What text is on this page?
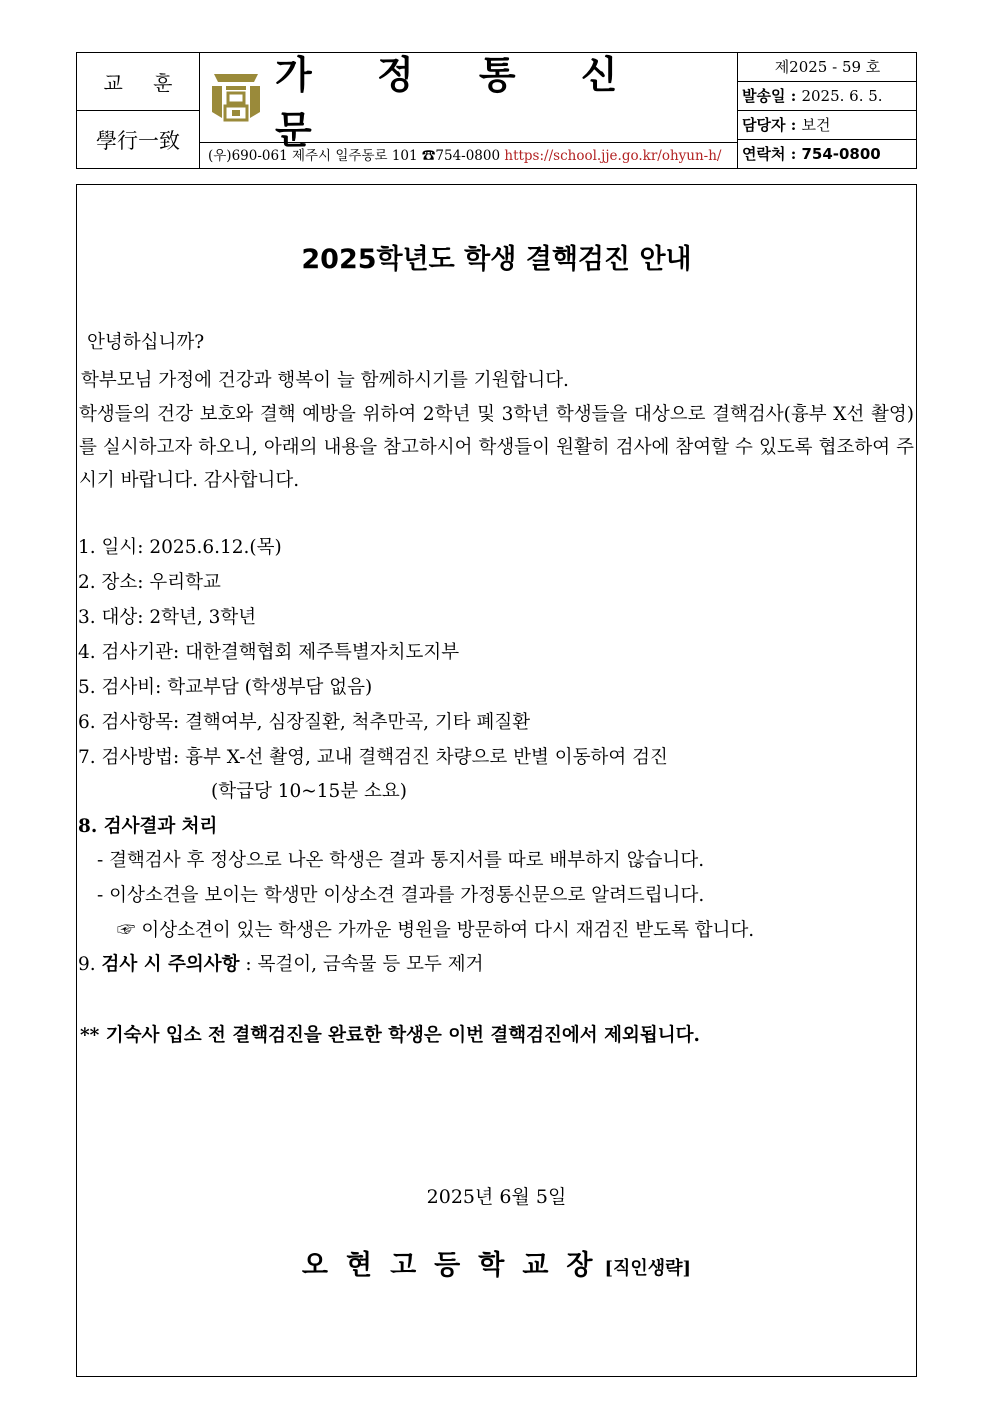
교 훈
學行一致
가 정 통 신 문
(우)690-061 제주시 일주동로 101 ☎754-0800 https://school.jje.go.kr/ohyun-h/
제2025 - 59 호
발송일 : 2025. 6. 5.
담당자 : 보건
연락처 : 754-0800
2025학년도 학생 결핵검진 안내
안녕하십니까?
학부모님 가정에 건강과 행복이 늘 함께하시기를 기원합니다.
학생들의 건강 보호와 결핵 예방을 위하여 2학년 및 3학년 학생들을 대상으로 결핵검사(흉부 X선 촬영)를 실시하고자 하오니, 아래의 내용을 참고하시어 학생들이 원활히 검사에 참여할 수 있도록 협조하여 주시기 바랍니다. 감사합니다.
1. 일시: 2025.6.12.(목)
2. 장소: 우리학교
3. 대상: 2학년, 3학년
4. 검사기관: 대한결핵협회 제주특별자치도지부
5. 검사비: 학교부담 (학생부담 없음)
6. 검사항목: 결핵여부, 심장질환, 척추만곡, 기타 폐질환
7. 검사방법: 흉부 X-선 촬영, 교내 결핵검진 차량으로 반별 이동하여 검진
(학급당 10~15분 소요)
8. 검사결과 처리
- 결핵검사 후 정상으로 나온 학생은 결과 통지서를 따로 배부하지 않습니다.
- 이상소견을 보이는 학생만 이상소견 결과를 가정통신문으로 알려드립니다.
☞ 이상소견이 있는 학생은 가까운 병원을 방문하여 다시 재검진 받도록 합니다.
9. 검사 시 주의사항 : 목걸이, 금속물 등 모두 제거
** 기숙사 입소 전 결핵검진을 완료한 학생은 이번 결핵검진에서 제외됩니다.
2025년 6월 5일
오현고등학교장[직인생략]
